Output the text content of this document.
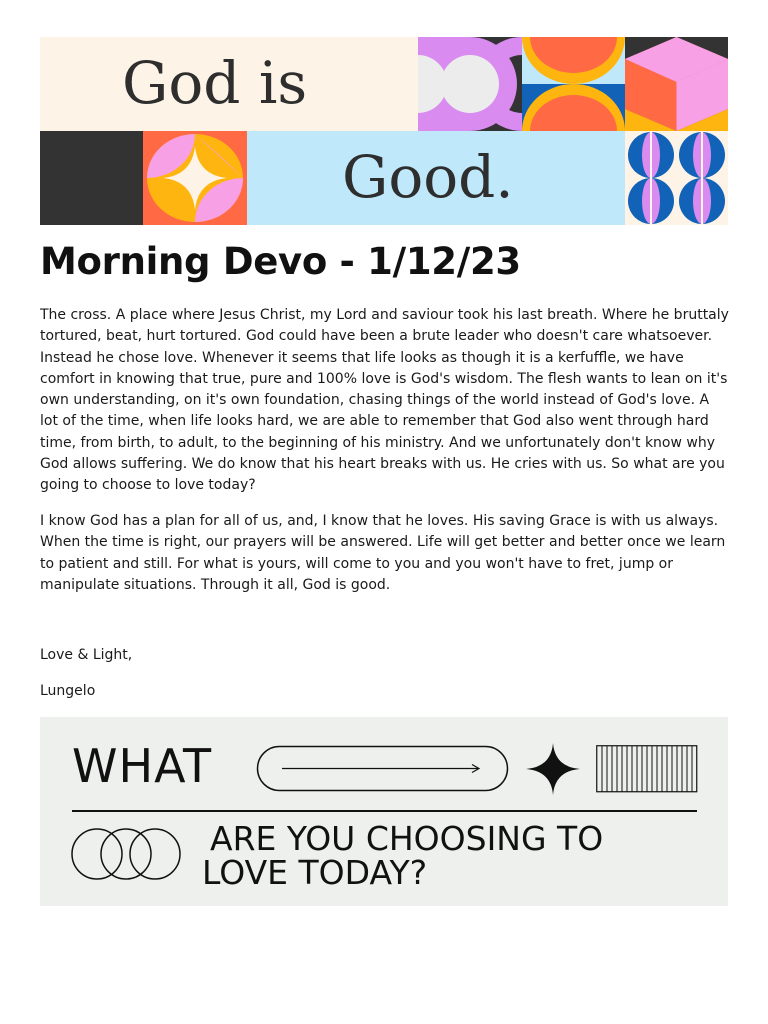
God is
Good.
Morning Devo - 1/12/23

The cross. A place where Jesus Christ, my Lord and saviour took his last breath. Where he bruttaly tortured, beat, hurt tortured. God could have been a brute leader who doesn't care whatsoever. Instead he chose love. Whenever it seems that life looks as though it is a kerfuffle, we have comfort in knowing that true, pure and 100% love is God's wisdom. The flesh wants to lean on it's own understanding, on it's own foundation, chasing things of the world instead of God's love. A lot of the time, when life looks hard, we are able to remember that God also went through hard time, from birth, to adult, to the beginning of his ministry. And we unfortunately don't know why God allows suffering. We do know that his heart breaks with us. He cries with us. So what are you going to choose to love today?

I know God has a plan for all of us, and, I know that he loves. His saving Grace is with us always. When the time is right, our prayers will be answered. Life will get better and better once we learn to patient and still. For what is yours, will come to you and you won't have to fret, jump or manipulate situations. Through it all, God is good.

Love & Light,
Lungelo
WHAT
ARE YOU CHOOSING TO
LOVE TODAY?
